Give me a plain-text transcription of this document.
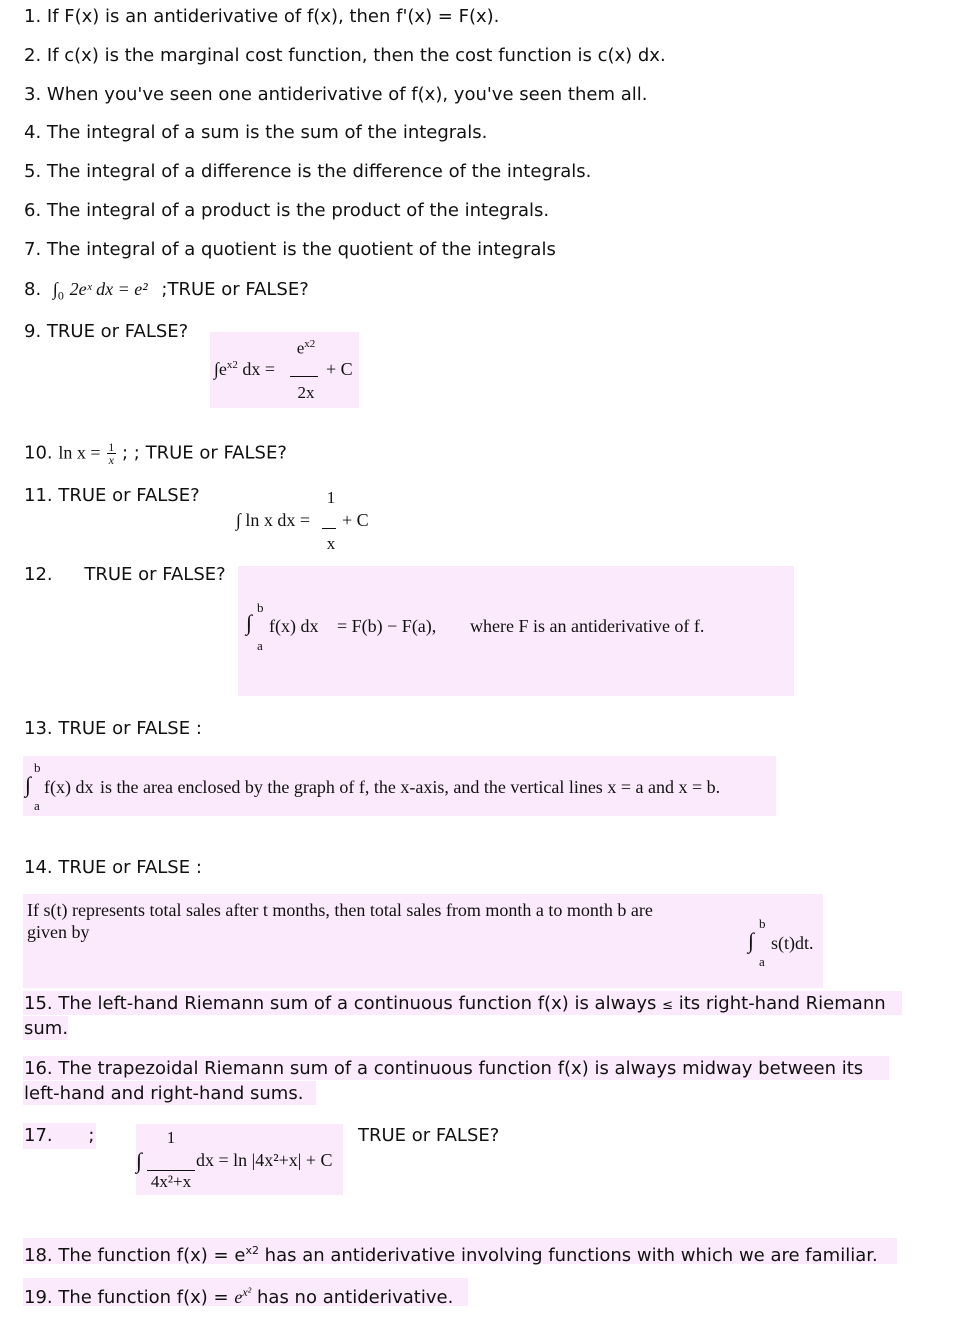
1. If F(x) is an antiderivative of f(x), then f'(x) = F(x).
2. If c(x) is the marginal cost function, then the cost function is c(x) dx.
3. When you've seen one antiderivative of f(x), you've seen them all.
4. The integral of a sum is the sum of the integrals.
5. The integral of a difference is the difference of the integrals.
6. The integral of a product is the product of the integrals.
7. The integral of a quotient is the quotient of the integrals
8. $\int_0$ 2eˣ dx = e² ;TRUE or FALSE?
9. TRUE or FALSE?
$\int e^{x2}$ dx =
$e^{x2}$
2x
+ C
10. $\ln x = \frac{1}{x}$ ; ; TRUE or FALSE?
11. TRUE or FALSE?
∫ ln x dx =
1
x
+ C
12. TRUE or FALSE?
b
∫
a
f(x) dx = F(b) − F(a), where F is an antiderivative of f.
13. TRUE or FALSE :
b
∫
a
f(x) dx is the area enclosed by the graph of f, the x-axis, and the vertical lines x = a and x = b.
14. TRUE or FALSE :
If s(t) represents total sales after t months, then total sales from month a to month b are
given by	b
∫
a
s(t)dt.
15. The left-hand Riemann sum of a continuous function f(x) is always ≤ its right-hand Riemann
sum.
16. The trapezoidal Riemann sum of a continuous function f(x) is always midway between its
left-hand and right-hand sums.
17. ;
∫
1
4x²+x
dx = ln |4x²+x| + C
TRUE or FALSE?
18. The function $f(x) = e^{x2}$ has an antiderivative involving functions with which we are familiar.
19. The function $f(x) = e^{x^2}$ has no antiderivative.
